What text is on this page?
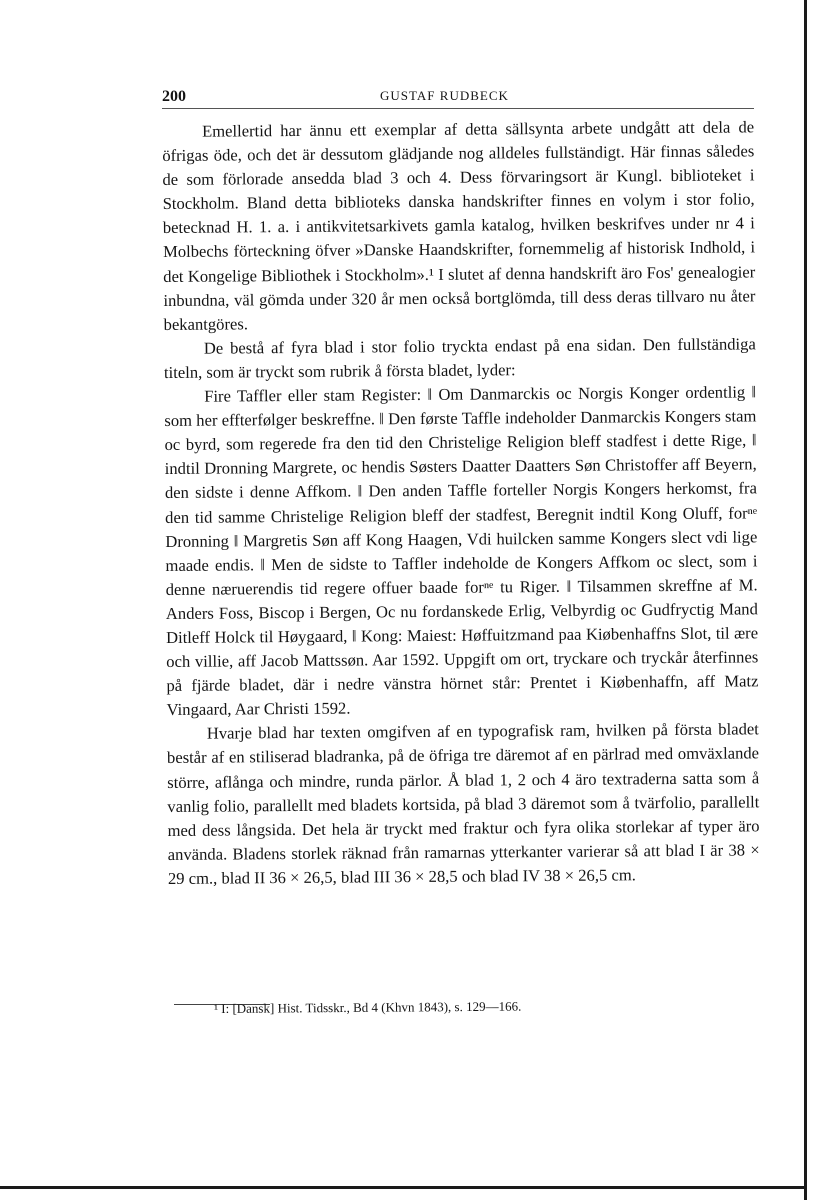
200	GUSTAF RUDBECK

Emellertid har ännu ett exemplar af detta sällsynta arbete undgått att dela de öfrigas öde, och det är dessutom glädjande nog alldeles fullständigt. Här finnas således de som förlorade ansedda blad 3 och 4. Dess förvaringsort är Kungl. biblioteket i Stockholm. Bland detta biblioteks danska handskrifter finnes en volym i stor folio, betecknad H. 1. a. i antikvitetsarkivets gamla katalog, hvilken beskrifves under nr 4 i Molbechs förteckning öfver »Danske Haandskrifter, fornemmelig af historisk Indhold, i det Kongelige Bibliothek i Stockholm».¹ I slutet af denna handskrift äro Fos' genealogier inbundna, väl gömda under 320 år men också bortglömda, till dess deras tillvaro nu åter bekantgöres.

De bestå af fyra blad i stor folio tryckta endast på ena sidan. Den fullständiga titeln, som är tryckt som rubrik å första bladet, lyder:

Fire Taffler eller stam Register: ‖ Om Danmarckis oc Norgis Konger ordentlig ‖ som her effterfølger beskreffne. ‖ Den første Taffle indeholder Danmarckis Kongers stam oc byrd, som regerede fra den tid den Christelige Religion bleff stadfest i dette Rige, ‖ indtil Dronning Margrete, oc hendis Søsters Daatter Daatters Søn Christoffer aff Beyern, den sidste i denne Affkom. ‖ Den anden Taffle forteller Norgis Kongers herkomst, fra den tid samme Christelige Religion bleff der stadfest, Beregnit indtil Kong Oluff, forⁿᵉ Dronning ‖ Margretis Søn aff Kong Haagen, Vdi huilcken samme Kongers slect vdi lige maade endis. ‖ Men de sidste to Taffler indeholde de Kongers Affkom oc slect, som i denne næruerendis tid regere offuer baade forⁿᵉ tu Riger. ‖ Tilsammen skreffne af M. Anders Foss, Biscop i Bergen, Oc nu fordanskede Erlig, Velbyrdig oc Gudfryctig Mand Ditleff Holck til Høygaard, ‖ Kong: Maiest: Høffuitzmand paa Kiøbenhaffns Slot, til ære och villie, aff Jacob Mattssøn. Aar 1592. Uppgift om ort, tryckare och tryckår återfinnes på fjärde bladet, där i nedre vänstra hörnet står: Prentet i Kiøbenhaffn, aff Matz Vingaard, Aar Christi 1592.

Hvarje blad har texten omgifven af en typografisk ram, hvilken på första bladet består af en stiliserad bladranka, på de öfriga tre däremot af en pärlrad med omväxlande större, aflånga och mindre, runda pärlor. Å blad 1, 2 och 4 äro textraderna satta som å vanlig folio, parallellt med bladets kortsida, på blad 3 däremot som å tvärfolio, parallellt med dess långsida. Det hela är tryckt med fraktur och fyra olika storlekar af typer äro använda. Bladens storlek räknad från ramarnas ytterkanter varierar så att blad I är 38 × 29 cm., blad II 36 × 26,5, blad III 36 × 28,5 och blad IV 38 × 26,5 cm.

¹ I: [Dansk] Hist. Tidsskr., Bd 4 (Khvn 1843), s. 129—166.
